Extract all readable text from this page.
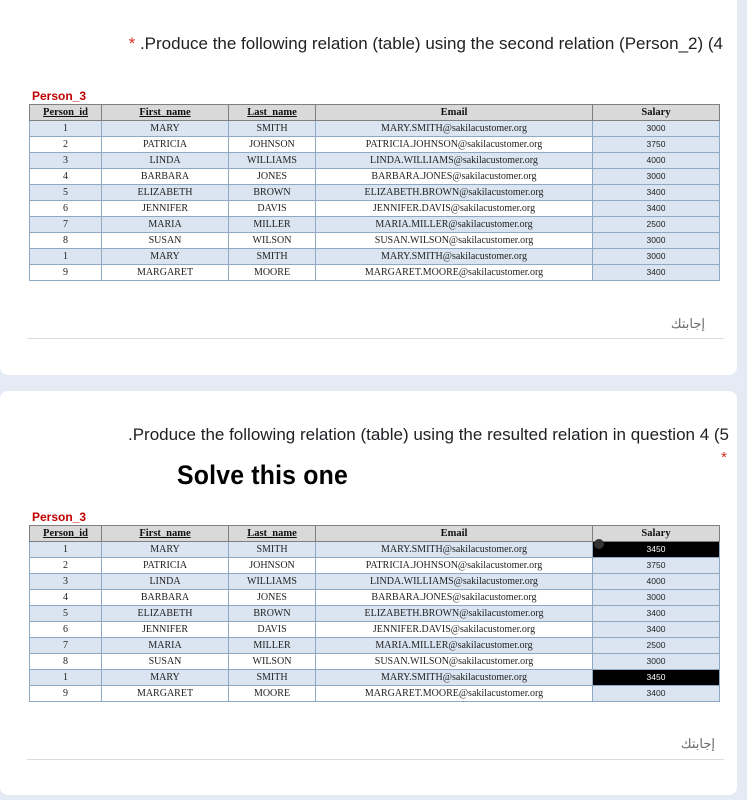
* .Produce the following relation (table) using the second relation (Person_2) (4
Person_3
Person_id	First_name	Last_name	Email	Salary
1	MARY	SMITH	MARY.SMITH@sakilacustomer.org	3000
2	PATRICIA	JOHNSON	PATRICIA.JOHNSON@sakilacustomer.org	3750
3	LINDA	WILLIAMS	LINDA.WILLIAMS@sakilacustomer.org	4000
4	BARBARA	JONES	BARBARA.JONES@sakilacustomer.org	3000
5	ELIZABETH	BROWN	ELIZABETH.BROWN@sakilacustomer.org	3400
6	JENNIFER	DAVIS	JENNIFER.DAVIS@sakilacustomer.org	3400
7	MARIA	MILLER	MARIA.MILLER@sakilacustomer.org	2500
8	SUSAN	WILSON	SUSAN.WILSON@sakilacustomer.org	3000
1	MARY	SMITH	MARY.SMITH@sakilacustomer.org	3000
9	MARGARET	MOORE	MARGARET.MOORE@sakilacustomer.org	3400
إجابتك
.Produce the following relation (table) using the resulted relation in question 4 (5
*
Solve this one
Person_3
Person_id	First_name	Last_name	Email	Salary
1	MARY	SMITH	MARY.SMITH@sakilacustomer.org	3450
2	PATRICIA	JOHNSON	PATRICIA.JOHNSON@sakilacustomer.org	3750
3	LINDA	WILLIAMS	LINDA.WILLIAMS@sakilacustomer.org	4000
4	BARBARA	JONES	BARBARA.JONES@sakilacustomer.org	3000
5	ELIZABETH	BROWN	ELIZABETH.BROWN@sakilacustomer.org	3400
6	JENNIFER	DAVIS	JENNIFER.DAVIS@sakilacustomer.org	3400
7	MARIA	MILLER	MARIA.MILLER@sakilacustomer.org	2500
8	SUSAN	WILSON	SUSAN.WILSON@sakilacustomer.org	3000
1	MARY	SMITH	MARY.SMITH@sakilacustomer.org	3450
9	MARGARET	MOORE	MARGARET.MOORE@sakilacustomer.org	3400
إجابتك
